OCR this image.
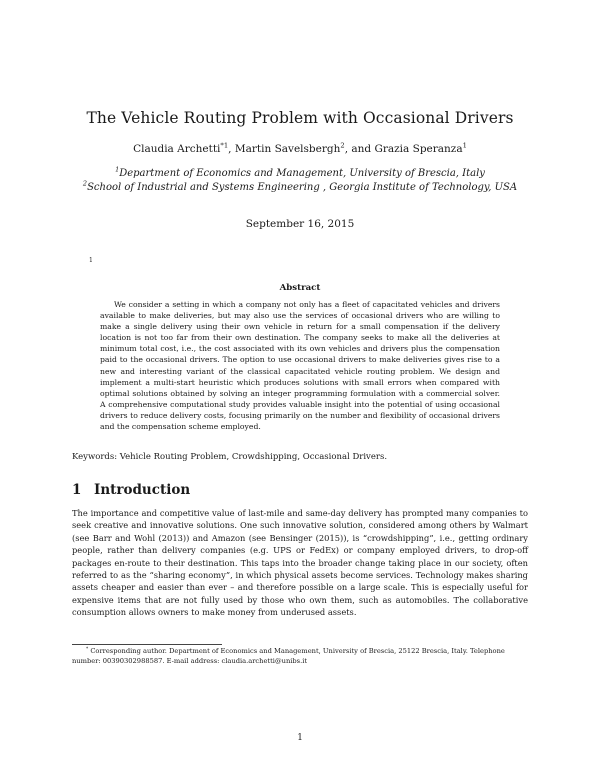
The Vehicle Routing Problem with Occasional Drivers
Claudia Archetti$^{*1}$, Martin Savelsbergh$^2$, and Grazia Speranza$^1$
$^1$Department of Economics and Management, University of Brescia, Italy
$^2$School of Industrial and Systems Engineering , Georgia Institute of Technology, USA
September 16, 2015
1
Abstract
We consider a setting in which a company not only has a fleet of capacitated vehicles and drivers available to make deliveries, but may also use the services of occasional drivers who are willing to make a single delivery using their own vehicle in return for a small compensation if the delivery location is not too far from their own destination. The company seeks to make all the deliveries at minimum total cost, i.e., the cost associated with its own vehicles and drivers plus the compensation paid to the occasional drivers. The option to use occasional drivers to make deliveries gives rise to a new and interesting variant of the classical capacitated vehicle routing problem. We design and implement a multi-start heuristic which produces solutions with small errors when compared with optimal solutions obtained by solving an integer programming formulation with a commercial solver. A comprehensive computational study provides valuable insight into the potential of using occasional drivers to reduce delivery costs, focusing primarily on the number and flexibility of occasional drivers and the compensation scheme employed.
Keywords: Vehicle Routing Problem, Crowdshipping, Occasional Drivers.
1 Introduction
The importance and competitive value of last-mile and same-day delivery has prompted many companies to seek creative and innovative solutions. One such innovative solution, considered among others by Walmart (see Barr and Wohl (2013)) and Amazon (see Bensinger (2015)), is “crowdshipping”, i.e., getting ordinary people, rather than delivery companies (e.g. UPS or FedEx) or company employed drivers, to drop-off packages en-route to their destination. This taps into the broader change taking place in our society, often referred to as the “sharing economy”, in which physical assets become services. Technology makes sharing assets cheaper and easier than ever – and therefore possible on a large scale. This is especially useful for expensive items that are not fully used by those who own them, such as automobiles. The collaborative consumption allows owners to make money from underused assets.
* Corresponding author. Department of Economics and Management, University of Brescia, 25122 Brescia, Italy. Telephone number: 00390302988587. E-mail address: claudia.archetti@unibs.it
1
